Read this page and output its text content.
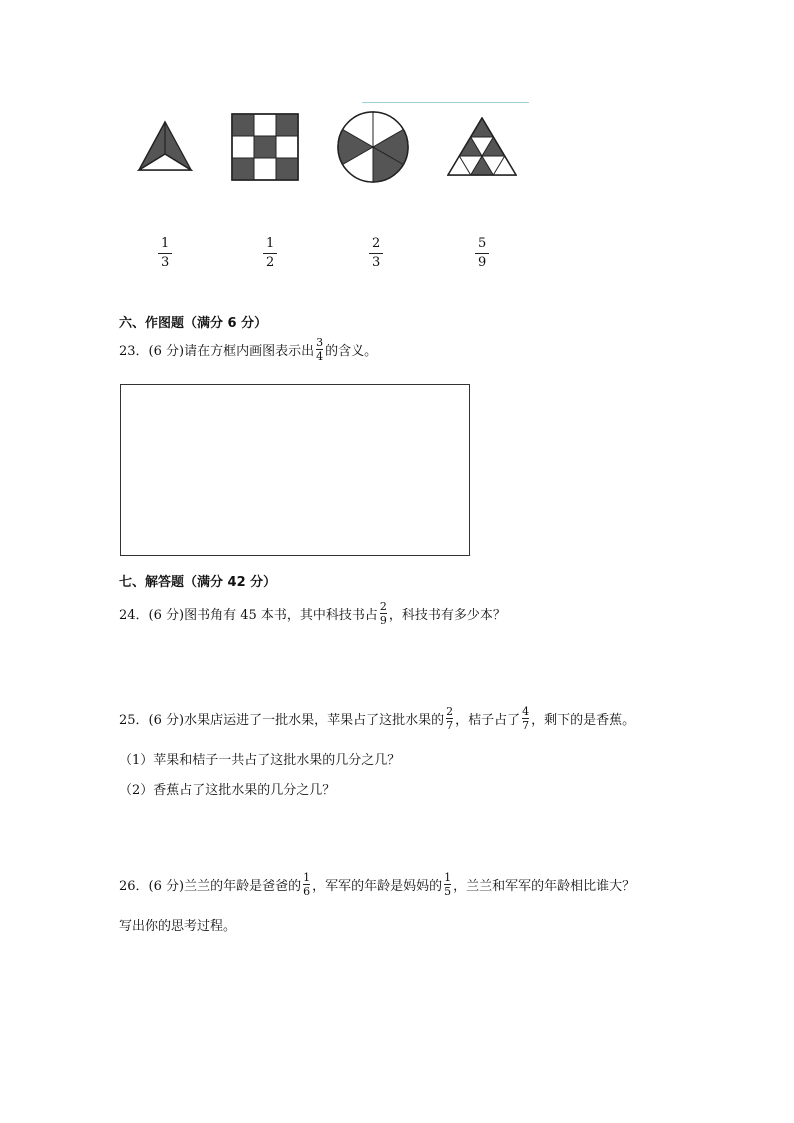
1
3
1
2
2
3
5
9
六、作图题（满分 6 分）
23．(6 分)请在方框内画图表示出 $\frac{3}{4}$ 的含义。
七、解答题（满分 42 分）
24．(6 分)图书角有 45 本书，其中科技书占 $\frac{2}{9}$ ，科技书有多少本？
25．(6 分)水果店运进了一批水果，苹果占了这批水果的 $\frac{2}{7}$ ，桔子占了 $\frac{4}{7}$ ，剩下的是香蕉。
（1）苹果和桔子一共占了这批水果的几分之几？
（2）香蕉占了这批水果的几分之几？
26．(6 分)兰兰的年龄是爸爸的 $\frac{1}{6}$ ，军军的年龄是妈妈的 $\frac{1}{5}$ ，兰兰和军军的年龄相比谁大？
写出你的思考过程。
